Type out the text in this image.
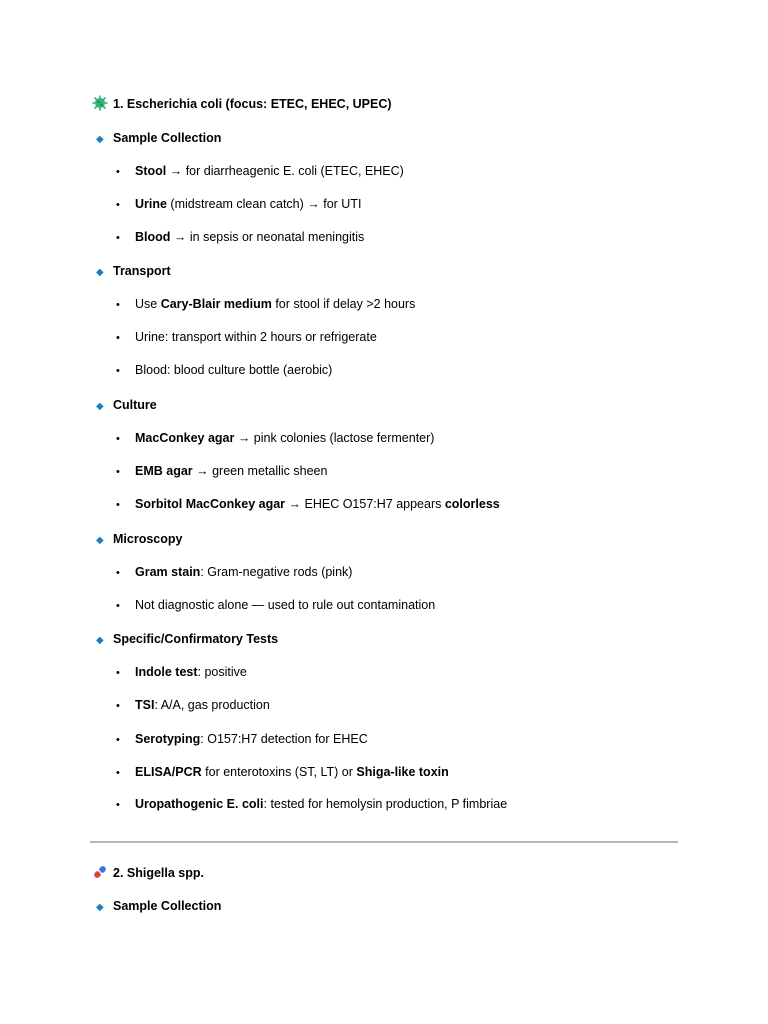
1. Escherichia coli (focus: ETEC, EHEC, UPEC)
◆ Sample Collection
• Stool → for diarrheagenic E. coli (ETEC, EHEC)
• Urine (midstream clean catch) → for UTI
• Blood → in sepsis or neonatal meningitis
◆ Transport
• Use Cary-Blair medium for stool if delay >2 hours
• Urine: transport within 2 hours or refrigerate
• Blood: blood culture bottle (aerobic)
◆ Culture
• MacConkey agar → pink colonies (lactose fermenter)
• EMB agar → green metallic sheen
• Sorbitol MacConkey agar → EHEC O157:H7 appears colorless
◆ Microscopy
• Gram stain: Gram-negative rods (pink)
• Not diagnostic alone — used to rule out contamination
◆ Specific/Confirmatory Tests
• Indole test: positive
• TSI: A/A, gas production
• Serotyping: O157:H7 detection for EHEC
• ELISA/PCR for enterotoxins (ST, LT) or Shiga-like toxin
• Uropathogenic E. coli: tested for hemolysin production, P fimbriae
2. Shigella spp.
◆ Sample Collection
